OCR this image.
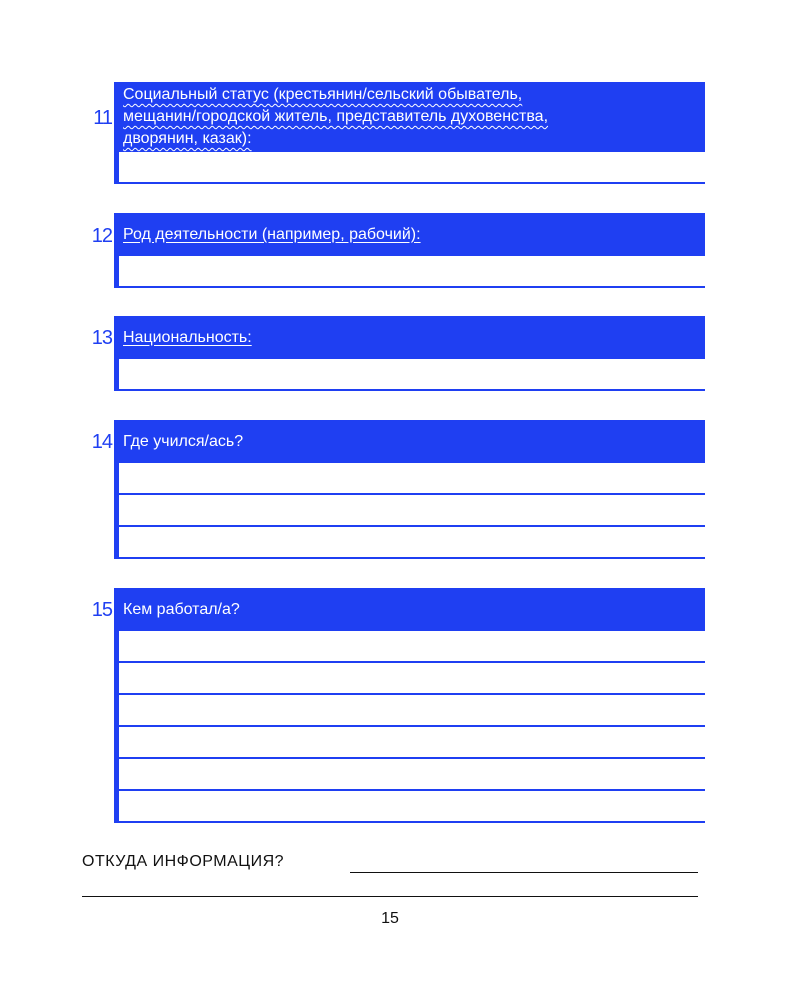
11
Социальный статус (крестьянин/сельский обыватель,
мещанин/городской житель, представитель духовенства,
дворянин, казак):
12 Род деятельности (например, рабочий):
13 Национальность:
14 Где учился/ась?
15 Кем работал/а?
ОТКУДА ИНФОРМАЦИЯ?
15
